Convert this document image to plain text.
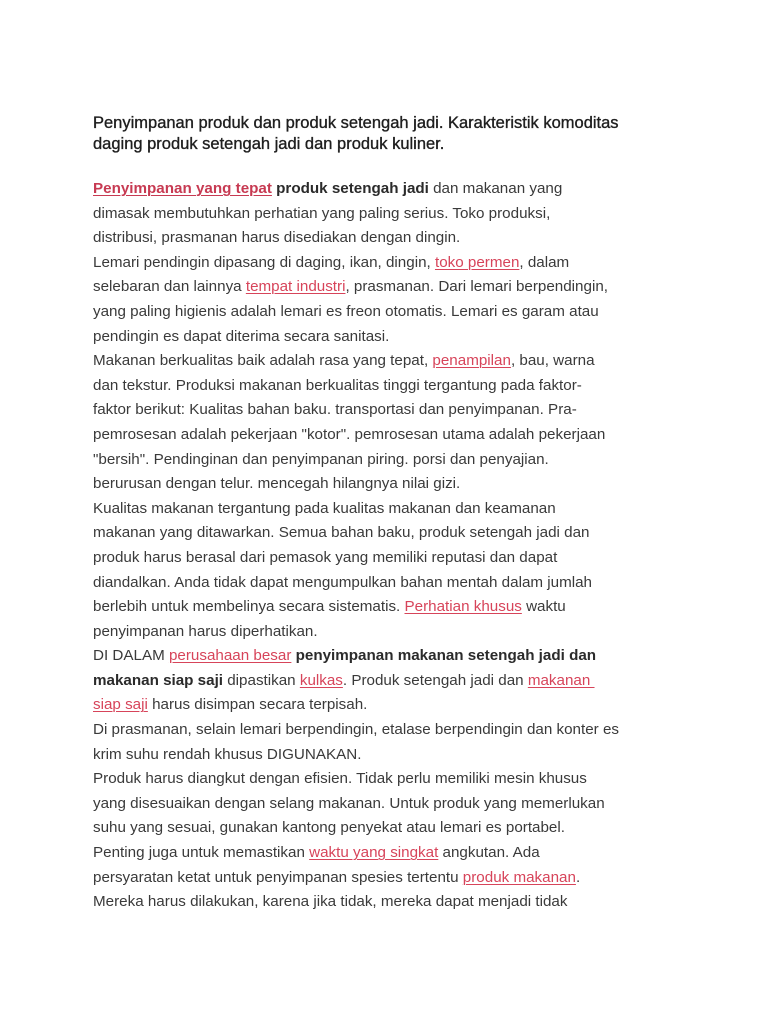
Penyimpanan produk dan produk setengah jadi. Karakteristik komoditas
daging produk setengah jadi dan produk kuliner.
Penyimpanan yang tepat produk setengah jadi dan makanan yang
dimasak membutuhkan perhatian yang paling serius. Toko produksi,
distribusi, prasmanan harus disediakan dengan dingin.
Lemari pendingin dipasang di daging, ikan, dingin, toko permen, dalam
selebaran dan lainnya tempat industri, prasmanan. Dari lemari berpendingin,
yang paling higienis adalah lemari es freon otomatis. Lemari es garam atau
pendingin es dapat diterima secara sanitasi.
Makanan berkualitas baik adalah rasa yang tepat, penampilan, bau, warna
dan tekstur. Produksi makanan berkualitas tinggi tergantung pada faktor-
faktor berikut: Kualitas bahan baku. transportasi dan penyimpanan. Pra-
pemrosesan adalah pekerjaan "kotor". pemrosesan utama adalah pekerjaan
"bersih". Pendinginan dan penyimpanan piring. porsi dan penyajian.
berurusan dengan telur. mencegah hilangnya nilai gizi.
Kualitas makanan tergantung pada kualitas makanan dan keamanan
makanan yang ditawarkan. Semua bahan baku, produk setengah jadi dan
produk harus berasal dari pemasok yang memiliki reputasi dan dapat
diandalkan. Anda tidak dapat mengumpulkan bahan mentah dalam jumlah
berlebih untuk membelinya secara sistematis. Perhatian khusus waktu
penyimpanan harus diperhatikan.
DI DALAM perusahaan besar penyimpanan makanan setengah jadi dan
makanan siap saji dipastikan kulkas. Produk setengah jadi dan makanan
siap saji harus disimpan secara terpisah.
Di prasmanan, selain lemari berpendingin, etalase berpendingin dan konter es
krim suhu rendah khusus DIGUNAKAN.
Produk harus diangkut dengan efisien. Tidak perlu memiliki mesin khusus
yang disesuaikan dengan selang makanan. Untuk produk yang memerlukan
suhu yang sesuai, gunakan kantong penyekat atau lemari es portabel.
Penting juga untuk memastikan waktu yang singkat angkutan. Ada
persyaratan ketat untuk penyimpanan spesies tertentu produk makanan.
Mereka harus dilakukan, karena jika tidak, mereka dapat menjadi tidak
